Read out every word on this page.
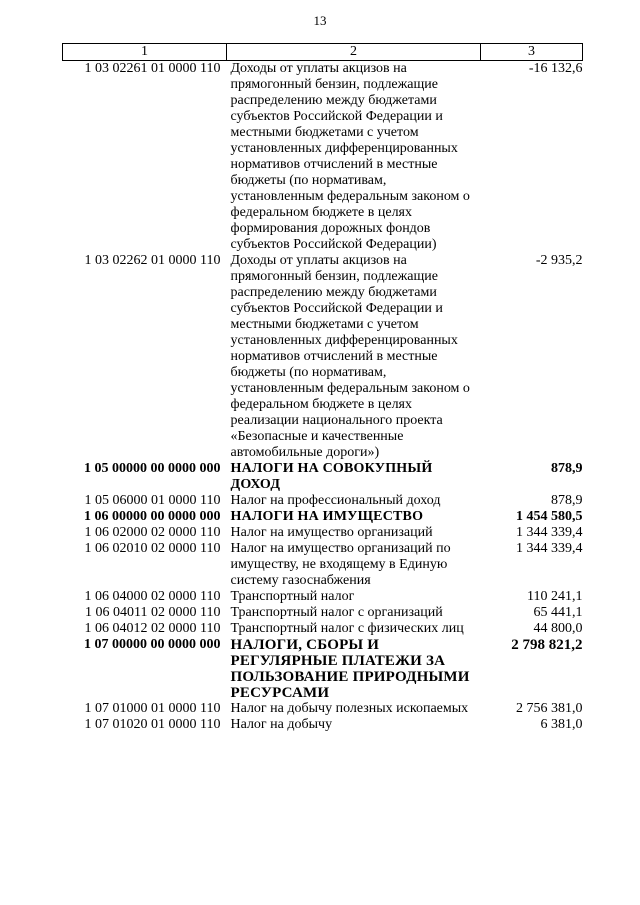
13
1	2	3
1 03 02261 01 0000 110	Доходы от уплаты акцизов на прямогонный бензин, подлежащие распределению между бюджетами субъектов Российской Федерации и местными бюджетами с учетом установленных дифференцированных нормативов отчислений в местные бюджеты (по нормативам, установленным федеральным законом о федеральном бюджете в целях формирования дорожных фондов субъектов Российской Федерации)	-16 132,6
1 03 02262 01 0000 110	Доходы от уплаты акцизов на прямогонный бензин, подлежащие распределению между бюджетами субъектов Российской Федерации и местными бюджетами с учетом установленных дифференцированных нормативов отчислений в местные бюджеты (по нормативам, установленным федеральным законом о федеральном бюджете в целях реализации национального проекта «Безопасные и качественные автомобильные дороги»)	-2 935,2
1 05 00000 00 0000 000	НАЛОГИ НА СОВОКУПНЫЙ ДОХОД	878,9
1 05 06000 01 0000 110	Налог на профессиональный доход	878,9
1 06 00000 00 0000 000	НАЛОГИ НА ИМУЩЕСТВО	1 454 580,5
1 06 02000 02 0000 110	Налог на имущество организаций	1 344 339,4
1 06 02010 02 0000 110	Налог на имущество организаций по имуществу, не входящему в Единую систему газоснабжения	1 344 339,4
1 06 04000 02 0000 110	Транспортный налог	110 241,1
1 06 04011 02 0000 110	Транспортный налог с организаций	65 441,1
1 06 04012 02 0000 110	Транспортный налог с физических лиц	44 800,0
1 07 00000 00 0000 000	НАЛОГИ, СБОРЫ И РЕГУЛЯРНЫЕ ПЛАТЕЖИ ЗА ПОЛЬЗОВАНИЕ ПРИРОДНЫМИ РЕСУРСАМИ	2 798 821,2
1 07 01000 01 0000 110	Налог на добычу полезных ископаемых	2 756 381,0
1 07 01020 01 0000 110	Налог на добычу	6 381,0
